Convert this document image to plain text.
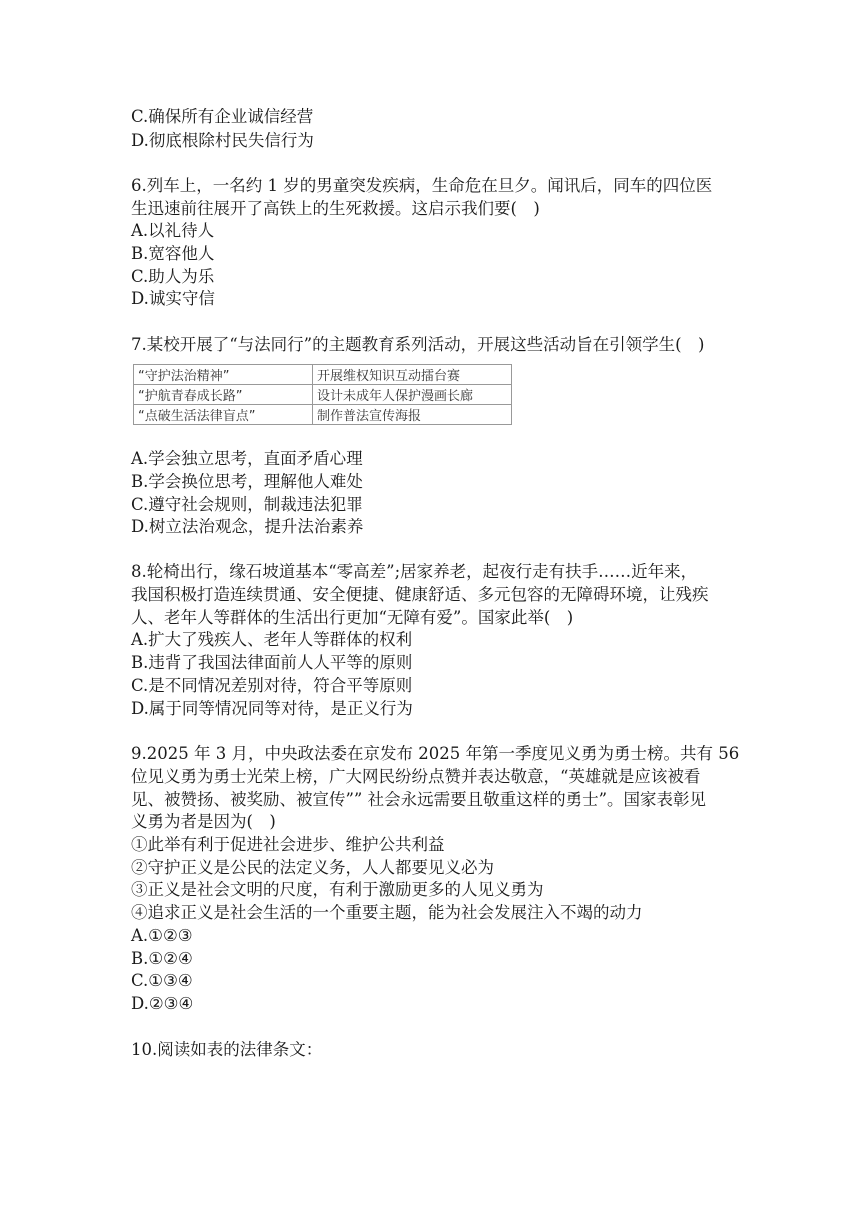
C.确保所有企业诚信经营
D.彻底根除村民失信行为
6.列车上，一名约 1 岁的男童突发疾病，生命危在旦夕。闻讯后，同车的四位医
生迅速前往展开了高铁上的生死救援。这启示我们要(　)
A.以礼待人
B.宽容他人
C.助人为乐
D.诚实守信
7.某校开展了“与法同行”的主题教育系列活动，开展这些活动旨在引领学生(　)
“守护法治精神”	开展维权知识互动擂台赛
“护航青春成长路”	设计未成年人保护漫画长廊
“点破生活法律盲点”	制作普法宣传海报
A.学会独立思考，直面矛盾心理
B.学会换位思考，理解他人难处
C.遵守社会规则，制裁违法犯罪
D.树立法治观念，提升法治素养
8.轮椅出行，缘石坡道基本“零高差”;居家养老，起夜行走有扶手……近年来，
我国积极打造连续贯通、安全便捷、健康舒适、多元包容的无障碍环境，让残疾
人、老年人等群体的生活出行更加“无障有爱”。国家此举(　)
A.扩大了残疾人、老年人等群体的权利
B.违背了我国法律面前人人平等的原则
C.是不同情况差别对待，符合平等原则
D.属于同等情况同等对待，是正义行为
9.2025 年 3 月，中央政法委在京发布 2025 年第一季度见义勇为勇士榜。共有 56
位见义勇为勇士光荣上榜，广大网民纷纷点赞并表达敬意，“英雄就是应该被看
见、被赞扬、被奖励、被宣传”” 社会永远需要且敬重这样的勇士”。国家表彰见
义勇为者是因为(　)
①此举有利于促进社会进步、维护公共利益
②守护正义是公民的法定义务，人人都要见义必为
③正义是社会文明的尺度，有利于激励更多的人见义勇为
④追求正义是社会生活的一个重要主题，能为社会发展注入不竭的动力
A.①②③
B.①②④
C.①③④
D.②③④
10.阅读如表的法律条文：
